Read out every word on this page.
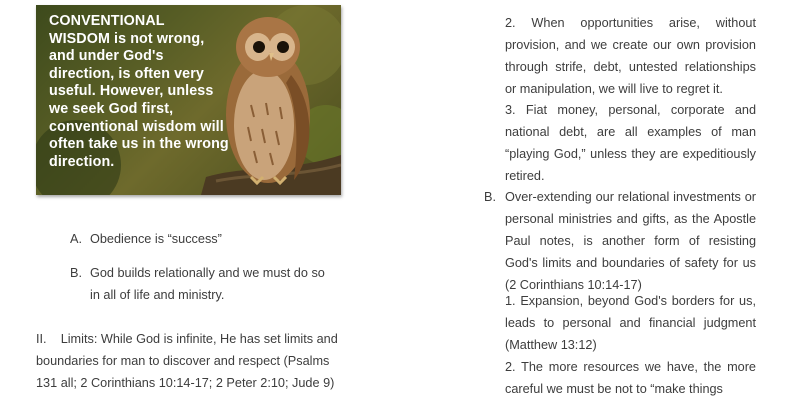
CONVENTIONAL WISDOM is not wrong, and under God's direction, is often very useful. However, unless we seek God first, conventional wisdom will often take us in the wrong direction.
A. Obedience is “success”
B. God builds relationally and we must do so
in all of life and ministry.
II. Limits: While God is infinite, He has set limits and boundaries for man to discover and respect (Psalms 131 all; 2 Corinthians 10:14-17; 2 Peter 2:10; Jude 9)
2. When opportunities arise, without provision, and we create our own provision through strife, debt, untested relationships or manipulation, we will live to regret it.
3. Fiat money, personal, corporate and national debt, are all examples of man “playing God,” unless they are expeditiously retired.
B. Over-extending our relational investments or personal ministries and gifts, as the Apostle Paul notes, is another form of resisting God's limits and boundaries of safety for us (2 Corinthians 10:14-17)
1. Expansion, beyond God's borders for us, leads to personal and financial judgment (Matthew 13:12)
2. The more resources we have, the more careful we must be not to “make things
